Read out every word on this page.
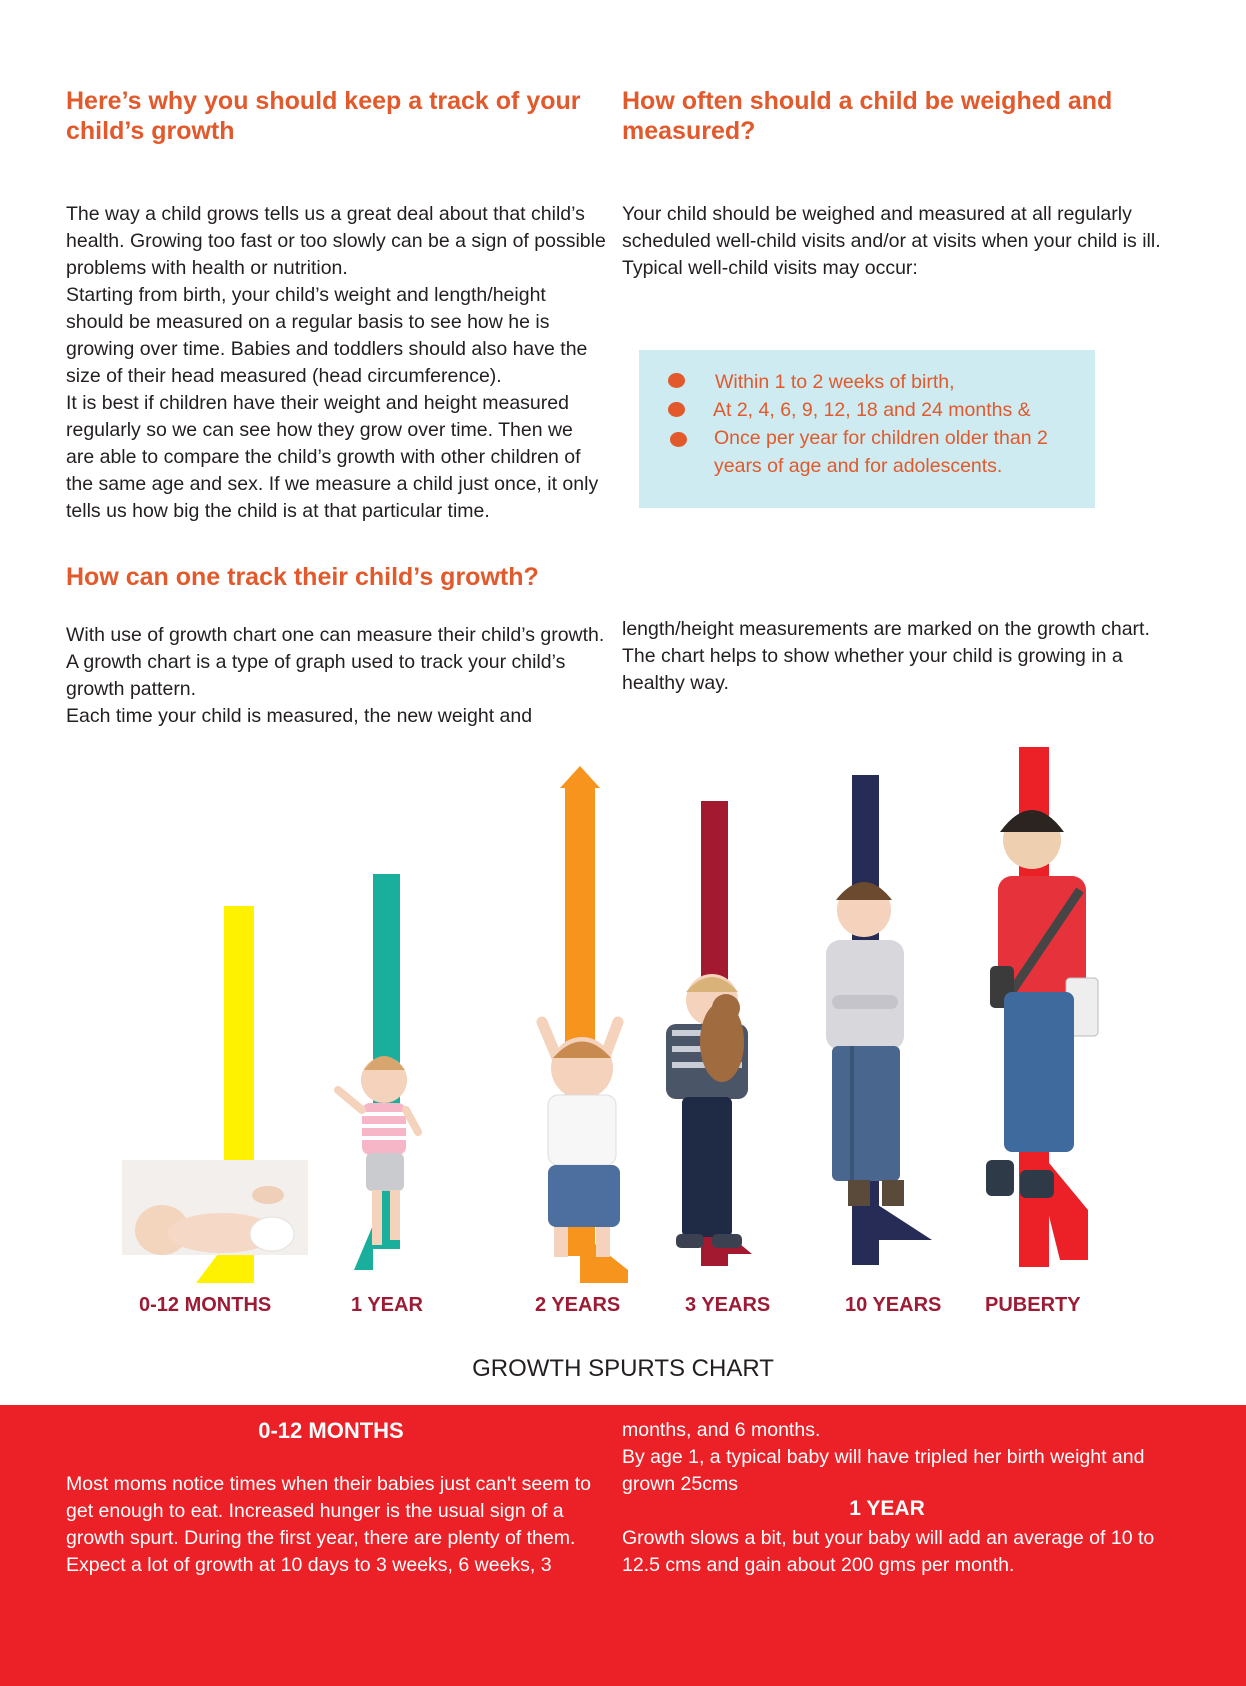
Here’s why you should keep a track of your child’s growth

The way a child grows tells us a great deal about that child’s health. Growing too fast or too slowly can be a sign of possible problems with health or nutrition.

Starting from birth, your child’s weight and length/height should be measured on a regular basis to see how he is growing over time. Babies and toddlers should also have the size of their head measured (head circumference).

It is best if children have their weight and height measured regularly so we can see how they grow over time. Then we are able to compare the child’s growth with other children of the same age and sex. If we measure a child just once, it only tells us how big the child is at that particular time.

How often should a child be weighed and measured?

Your child should be weighed and measured at all regularly scheduled well-child visits and/or at visits when your child is ill.

Typical well-child visits may occur:

Within 1 to 2 weeks of birth,
At 2, 4, 6, 9, 12, 18 and 24 months &
Once per year for children older than 2 years of age and for adolescents.
How can one track their child’s growth?

With use of growth chart one can measure their child’s growth. A growth chart is a type of graph used to track your child’s growth pattern.

Each time your child is measured, the new weight and

length/height measurements are marked on the growth chart. The chart helps to show whether your child is growing in a healthy way.

0-12 MONTHS	1 YEAR	2 YEARS	3 YEARS	10 YEARS PUBERTY
GROWTH SPURTS CHART
0-12 MONTHS
Most moms notice times when their babies just can't seem to get enough to eat. Increased hunger is the usual sign of a growth spurt. During the first year, there are plenty of them. Expect a lot of growth at 10 days to 3 weeks, 6 weeks, 3
months, and 6 months.
By age 1, a typical baby will have tripled her birth weight and grown 25cms
1 YEAR
Growth slows a bit, but your baby will add an average of 10 to 12.5 cms and gain about 200 gms per month.
